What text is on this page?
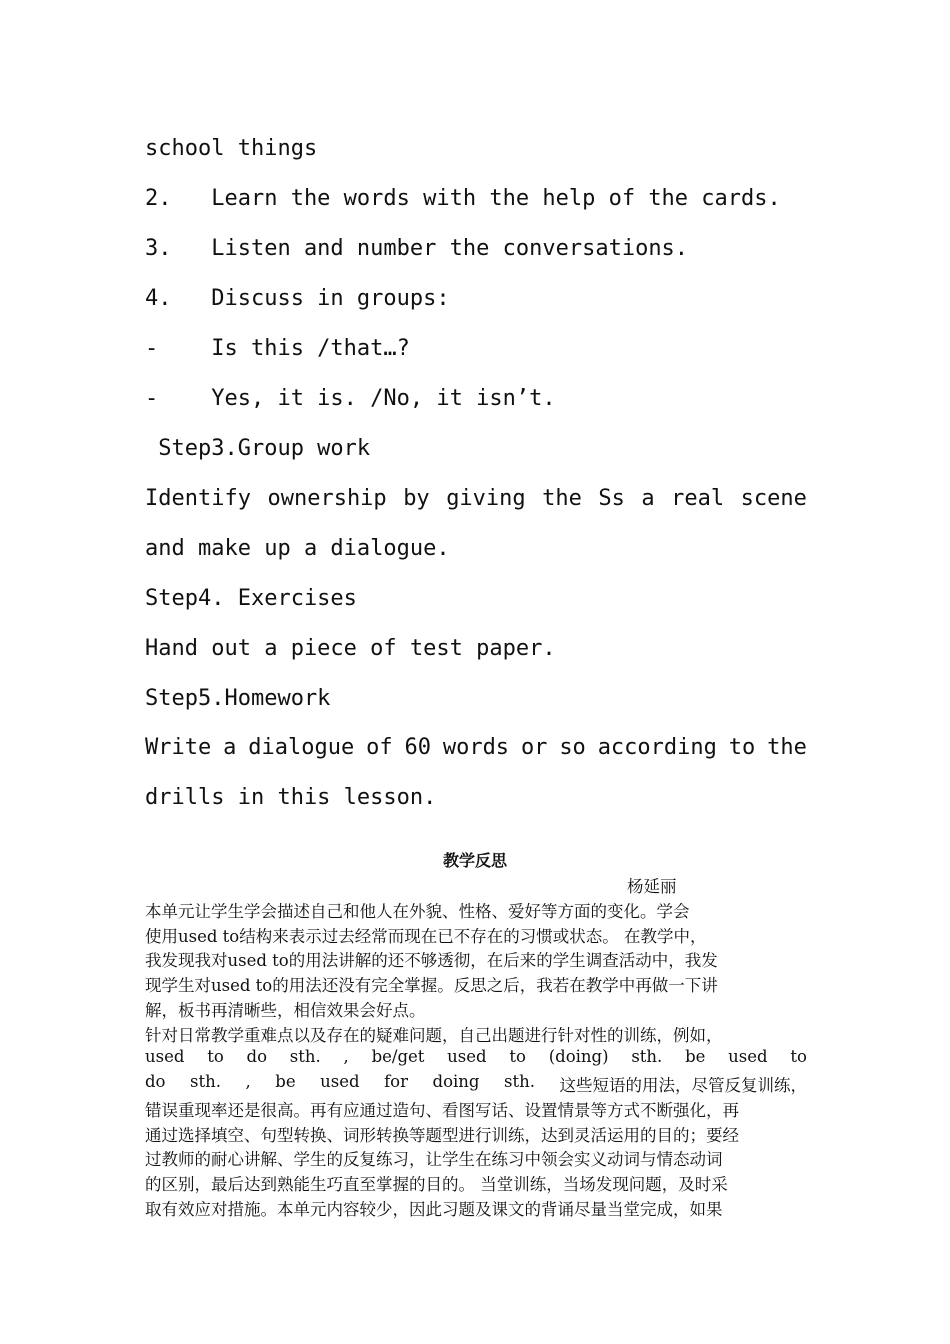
school things
2.   Learn the words with the help of the cards.
3.   Listen and number the conversations.
4.   Discuss in groups:
-    Is this /that…?
-    Yes, it is. /No, it isn’t.
Step3.Group work
Identify ownership by giving the Ss a real scene
and make up a dialogue.
Step4. Exercises
Hand out a piece of test paper.
Step5.Homework
Write a dialogue of 60 words or so according to the
drills in this lesson.
教学反思
杨延丽
本单元让学生学会描述自己和他人在外貌、性格、爱好等方面的变化。学会
使用used to结构来表示过去经常而现在已不存在的习惯或状态。 在教学中，
我发现我对used to的用法讲解的还不够透彻，在后来的学生调查活动中，我发
现学生对used to的用法还没有完全掌握。反思之后，我若在教学中再做一下讲
解，板书再清晰些，相信效果会好点。
针对日常教学重难点以及存在的疑难问题，自己出题进行针对性的训练，例如，
used to do sth. , be/get used to (doing) sth. be used to
do sth. , be used for doing sth. 这些短语的用法，尽管反复训练，
错误重现率还是很高。再有应通过造句、看图写话、设置情景等方式不断强化，再
通过选择填空、句型转换、词形转换等题型进行训练，达到灵活运用的目的；要经
过教师的耐心讲解、学生的反复练习，让学生在练习中领会实义动词与情态动词
的区别，最后达到熟能生巧直至掌握的目的。 当堂训练，当场发现问题，及时采
取有效应对措施。本单元内容较少，因此习题及课文的背诵尽量当堂完成，如果
